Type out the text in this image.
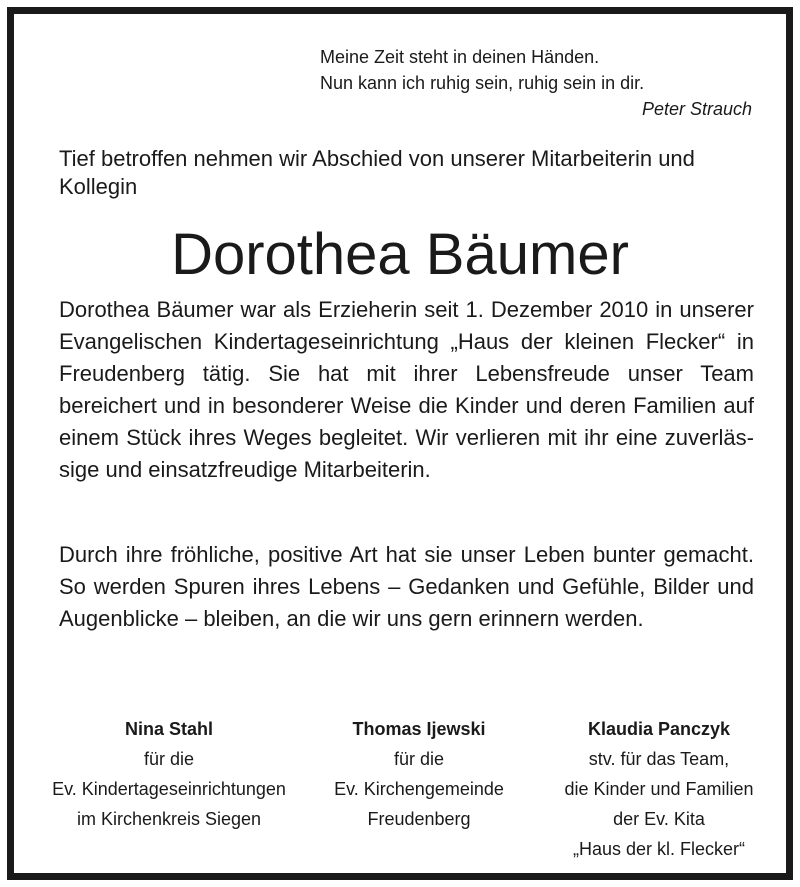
Meine Zeit steht in deinen Händen.
Nun kann ich ruhig sein, ruhig sein in dir.
Peter Strauch
Tief betroffen nehmen wir Abschied von unserer Mitarbeiterin und Kollegin
Dorothea Bäumer
Dorothea Bäumer war als Erzieherin seit 1. Dezember 2010 in unserer Evangelischen Kindertageseinrichtung „Haus der kleinen Flecker“ in Freudenberg tätig. Sie hat mit ihrer Lebensfreude unser Team bereichert und in besonderer Weise die Kinder und deren Familien auf einem Stück ihres Weges begleitet. Wir verlieren mit ihr eine zuverlässige und einsatzfreudige Mitarbeiterin.
Durch ihre fröhliche, positive Art hat sie unser Leben bunter gemacht. So werden Spuren ihres Lebens – Gedanken und Gefühle, Bilder und Augenblicke – bleiben, an die wir uns gern erinnern werden.
Nina Stahl
für die
Ev. Kindertageseinrichtungen
im Kirchenkreis Siegen
Thomas Ijewski
für die
Ev. Kirchengemeinde
Freudenberg
Klaudia Panczyk
stv. für das Team,
die Kinder und Familien
der Ev. Kita
„Haus der kl. Flecker“
